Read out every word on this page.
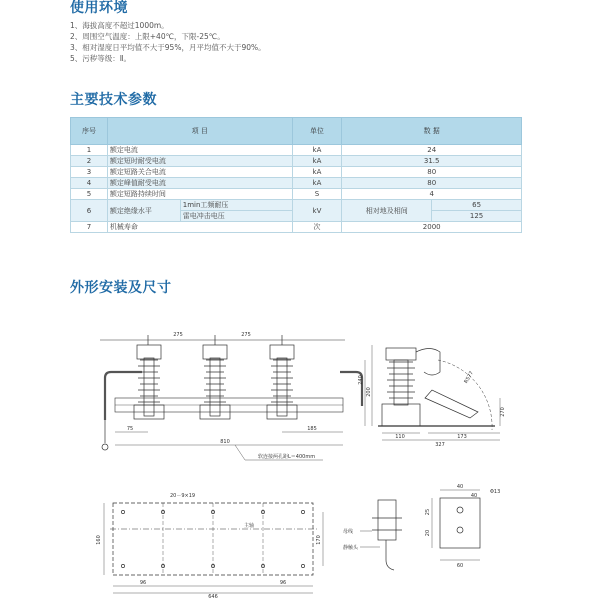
使用环境
1、海拔高度不超过1000m。
2、周围空气温度：上限+40℃，下限-25℃。
3、相对湿度日平均值不大于95%，月平均值不大于90%。
5、污秽等级：Ⅱ。
主要技术参数
序号	项 目		单位	数 据	
1	额定电流		kA	24	
2	额定短时耐受电流		kA	31.5	
3	额定短路关合电流		kA	80	
4	额定峰值耐受电流		kA	80	
5	额定短路持续时间		S	4	
6	额定绝缘水平	1min工频耐压	kV	相对地及相间	65
		雷电冲击电压			125
7	机械寿命		次	2000	
外形安装及尺寸
275	275
75
810
185
软连接两孔距L＝400mm
110	173
327
200
240
270
R577
20－9×19
主轴
96	96
646
160	170
40
40
60
25
20
Φ13
母线
静触头
